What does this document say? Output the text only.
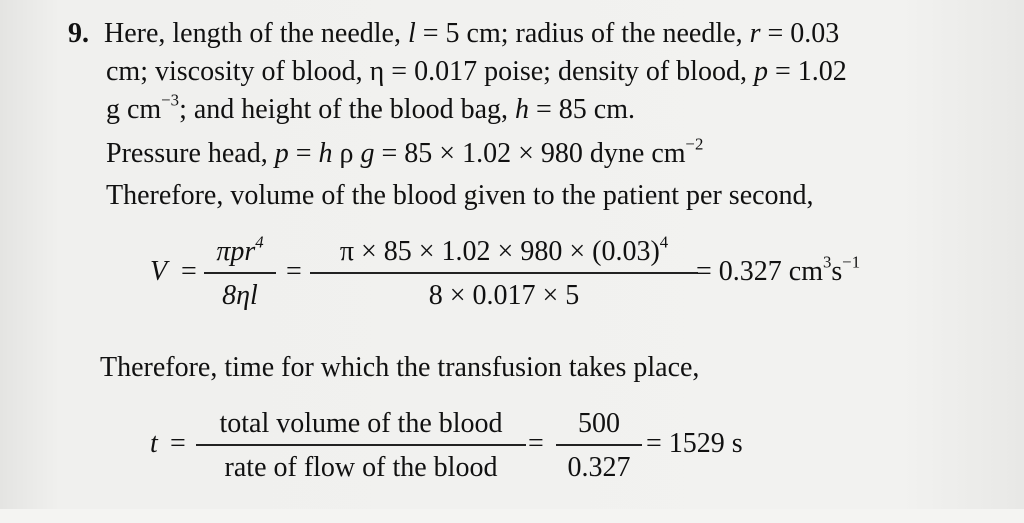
9. Here, length of the needle, l = 5 cm; radius of the needle, r = 0.03
cm; viscosity of blood, η = 0.017 poise; density of blood, p = 1.02
g $cm^{-3}$; and height of the blood bag, h = 85 cm.
Pressure head, p = h ρ g = 85 × 1.02 × 980 dyne $cm^{-2}$
Therefore, volume of the blood given to the patient per second,
V =
πpr$^4$
8ηl
=
$\pi \times 85 \times 1.02 \times 980 \times (0.03)^4$
8 × 0.017 × 5
= 0.327 $cm^3s^{-1}$
Therefore, time for which the transfusion takes place,
t =
total volume of the blood
rate of flow of the blood
=
500
0.327
= 1529 s
